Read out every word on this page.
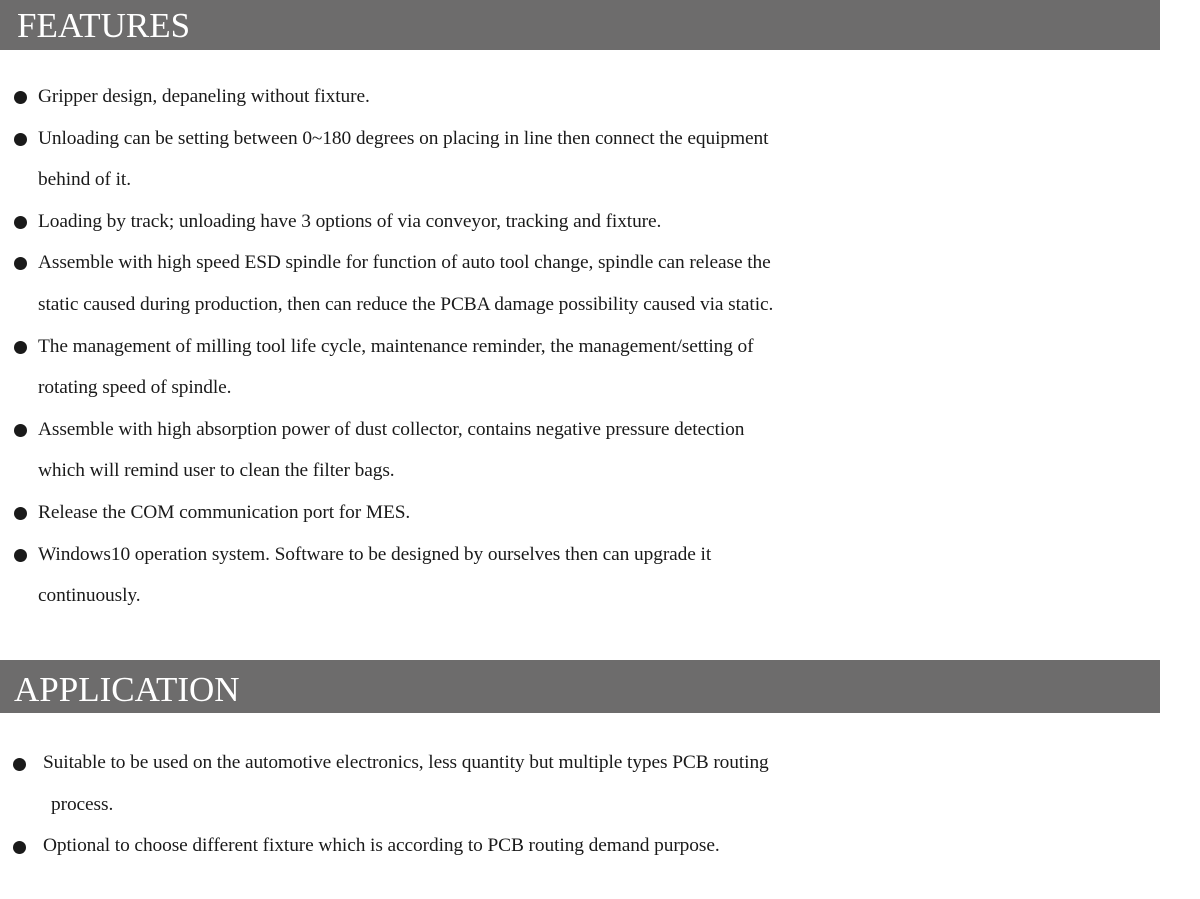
FEATURES
Gripper design, depaneling without fixture.
Unloading can be setting between 0~180 degrees on placing in line then connect the equipment
behind of it.
Loading by track; unloading have 3 options of via conveyor, tracking and fixture.
Assemble with high speed ESD spindle for function of auto tool change, spindle can release the
static caused during production, then can reduce the PCBA damage possibility caused via static.
The management of milling tool life cycle, maintenance reminder, the management/setting of
rotating speed of spindle.
Assemble with high absorption power of dust collector, contains negative pressure detection
which will remind user to clean the filter bags.
Release the COM communication port for MES.
Windows10 operation system. Software to be designed by ourselves then can upgrade it
continuously.
APPLICATION
Suitable to be used on the automotive electronics, less quantity but multiple types PCB routing
process.
Optional to choose different fixture which is according to PCB routing demand purpose.
